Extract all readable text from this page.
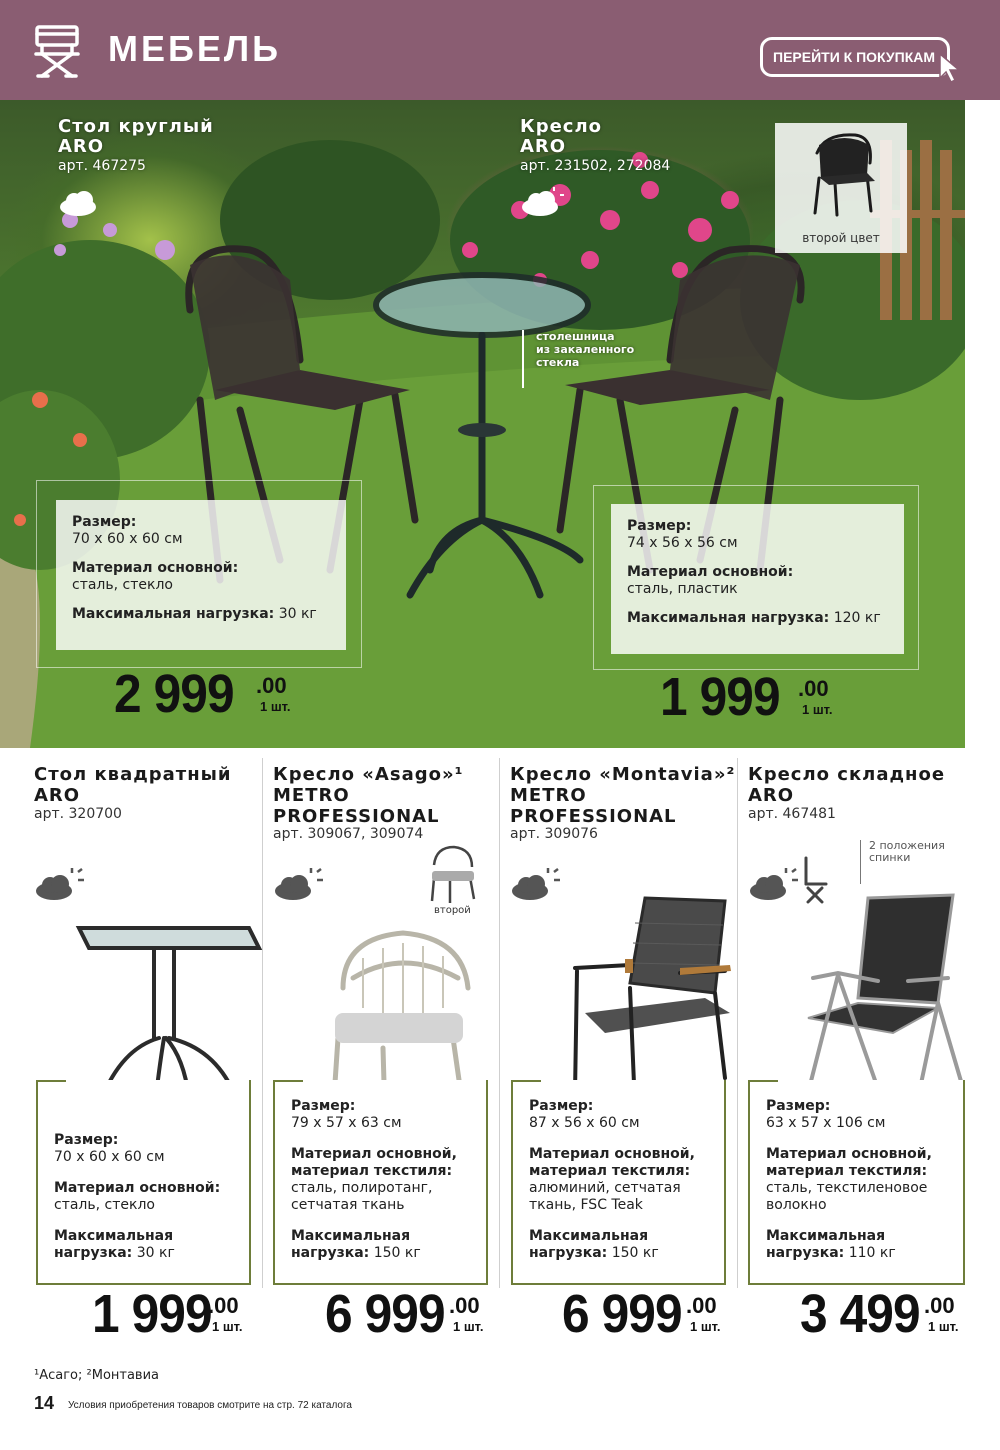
МЕБЕЛЬ	ПЕРЕЙТИ К ПОКУПКАМ
Стол круглый
ARO
арт. 467275
Кресло
ARO
арт. 231502, 272084
столешница
из закаленного
стекла
второй цвет
Размер:
70 х 60 х 60 см
Материал основной:
сталь, стекло
Максимальная нагрузка: 30 кг
2 999 .00
1 шт.
Размер:
74 х 56 х 56 см
Материал основной:
сталь, пластик
Максимальная нагрузка: 120 кг
1 999 .00
1 шт.
Стол квадратный
ARO
арт. 320700
Размер:
70 х 60 х 60 см
Материал основной:
сталь, стекло
Максимальная нагрузка: 30 кг
1 999
.00
1 шт.
Кресло «Asago»¹
METRO
PROFESSIONAL
арт. 309067, 309074
второй
Размер:
79 х 57 х 63 см
Материал основной, материал текстиля:
сталь, полиротанг, сетчатая ткань
Максимальная нагрузка: 150 кг
6 999 .00
1 шт.
Кресло «Montavia»²
METRO
PROFESSIONAL
арт. 309076
Размер:
87 х 56 х 60 см
Материал основной, материал текстиля:
алюминий, сетчатая ткань, FSC Teak
Максимальная нагрузка: 150 кг
6 999 .00
1 шт.
Кресло складное
ARO
арт. 467481
2 положения
спинки
Размер:
63 х 57 х 106 см
Материал основной, материал текстиля:
сталь, текстиленовое волокно
Максимальная нагрузка: 110 кг
3 499 .00
1 шт.
¹Асаго; ²Монтавиа
14 Условия приобретения товаров смотрите на стр. 72 каталога
